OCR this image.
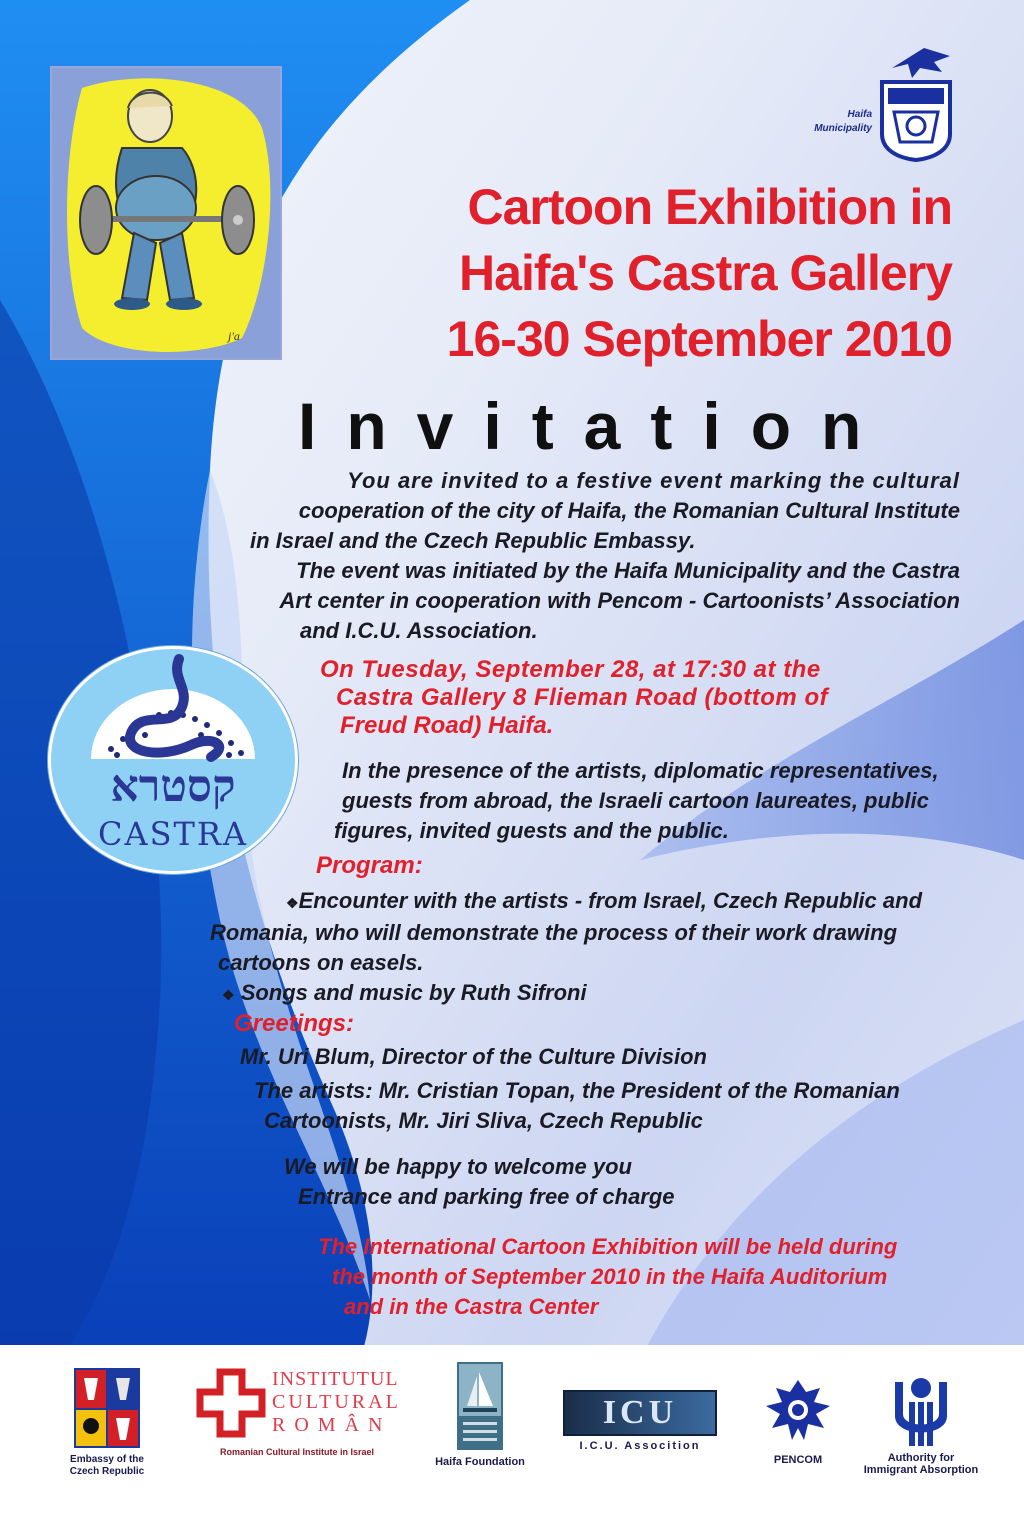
j'a
Haifa
Municipality
Cartoon Exhibition in
Haifa's Castra Gallery
16-30 September 2010
Invitation
You are invited to a festive event marking the cultural
cooperation of the city of Haifa, the Romanian Cultural Institute
in Israel and the Czech Republic Embassy.
The event was initiated by the Haifa Municipality and the Castra
Art center in cooperation with Pencom - Cartoonists’ Association
and I.C.U. Association.
On Tuesday, September 28, at 17:30 at the
Castra Gallery 8 Flieman Road (bottom of
Freud Road) Haifa.
קסטרא
CASTRA
In the presence of the artists, diplomatic representatives,
guests from abroad, the Israeli cartoon laureates, public
figures, invited guests and the public.
Program:
❖Encounter with the artists - from Israel, Czech Republic and
Romania, who will demonstrate the process of their work drawing
cartoons on easels.
❖ Songs and music by Ruth Sifroni
Greetings:
Mr. Uri Blum, Director of the Culture Division
The artists: Mr. Cristian Topan, the President of the Romanian
Cartoonists, Mr. Jiri Sliva, Czech Republic
We will be happy to welcome you
Entrance and parking free of charge
The International Cartoon Exhibition will be held during
the month of September 2010 in the Haifa Auditorium
and in the Castra Center
Embassy of the
Czech Republic
INSTITUTUL
CULTURAL
ROMÂN
Romanian Cultural Institute in Israel
Haifa Foundation
ICU
I.C.U. Associtіon
PENCOM	Authority for
Immigrant Absorption
